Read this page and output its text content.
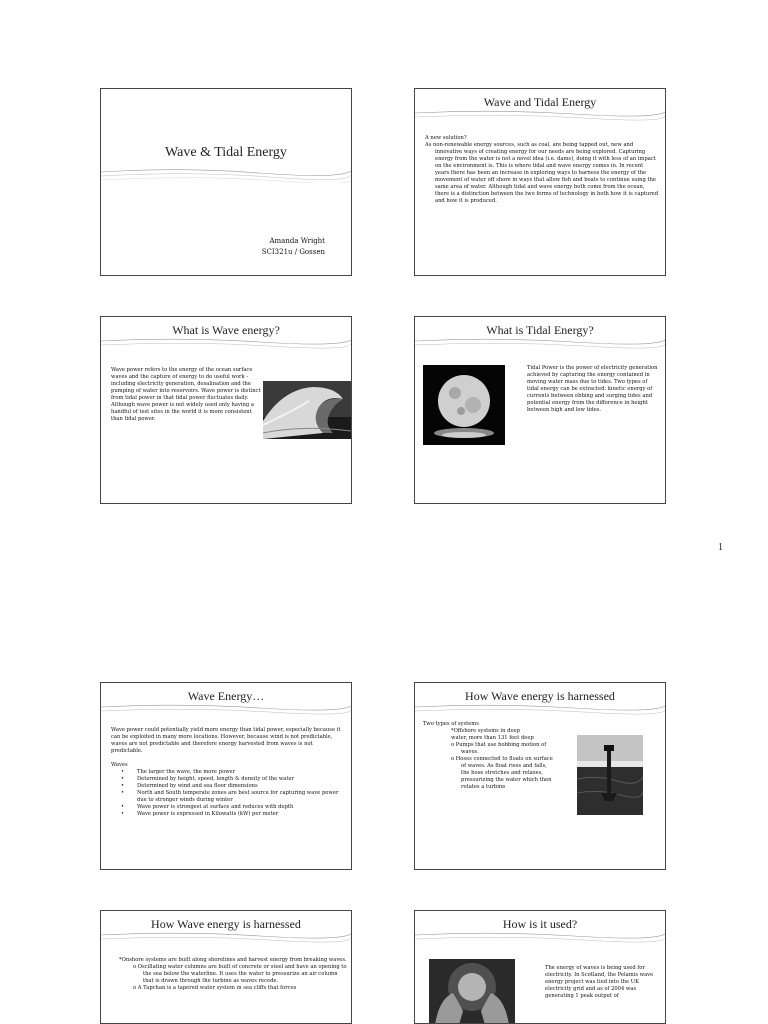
Wave & Tidal Energy
Amanda Wright
SCI321u / Gossen
Wave and Tidal Energy

A new solution?

As non-renewable energy sources, such as coal, are being tapped out, new and innovative ways of creating energy for our needs are being explored. Capturing energy from the water is not a novel idea (i.e. dams), doing it with less of an impact on the environment is. This is where tidal and wave energy comes in. In recent years there has been an increase in exploring ways to harness the energy of the movement of water off shore in ways that allow fish and boats to continue using the same area of water. Although tidal and wave energy both come from the ocean, there is a distinction between the two forms of technology in both how it is captured and how it is produced.

What is Wave energy?

Wave power refers to the energy of the ocean surface waves and the capture of energy to do useful work - including electricity generation, desalination and the pumping of water into reservoirs. Wave power is distinct from tidal power in that tidal power fluctuates daily. Although wave power is not widely used only having a handful of test sites in the world it is more consistent than tidal power.

What is Tidal Energy?

Tidal Power is the power of electricity generation achieved by capturing the energy contained in moving water mass due to tides. Two types of tidal energy can be extracted: kinetic energy of currents between ebbing and surging tides and potential energy from the difference in height between high and low tides.

1
Wave Energy…

Wave power could potentially yield more energy than tidal power, especially because it can be exploited in many more locations. However, because wind is not predictable, waves are not predictable and therefore energy harvested from waves is not predictable.

Waves

• The larger the wave, the more power
• Determined by height, speed, length & density of the water
• Determined by wind and sea floor dimensions
• North and South temperate zones are best source for capturing wave power due to stronger winds during winter
• Wave power is strongest at surface and reduces with depth
• Wave power is expressed in Kilowatts (kW) per meter
How Wave energy is harnessed

Two types of systems

*Offshore systems in deep water, more than 131 feet deep

o Pumps that use bobbing motion of waves.

o Hoses connected to floats on surface of waves. As float rises and falls, the hose stretches and relaxes, pressurizing the water which then rotates a turbine

How Wave energy is harnessed

*Onshore systems are built along shorelines and harvest energy from breaking waves.

o Oscillating water columns are built of concrete or steel and have an opening to the sea below the waterline. It uses the water to pressurize an air column that is drawn through the turbine as waves recede.

o A Tapchan is a tapered water system in sea cliffs that forces

How is it used?

The energy of waves is being used for electricity. In Scotland, the Pelamis wave energy project was tied into the UK electricity grid and as of 2004 was generating 1 peak output of
